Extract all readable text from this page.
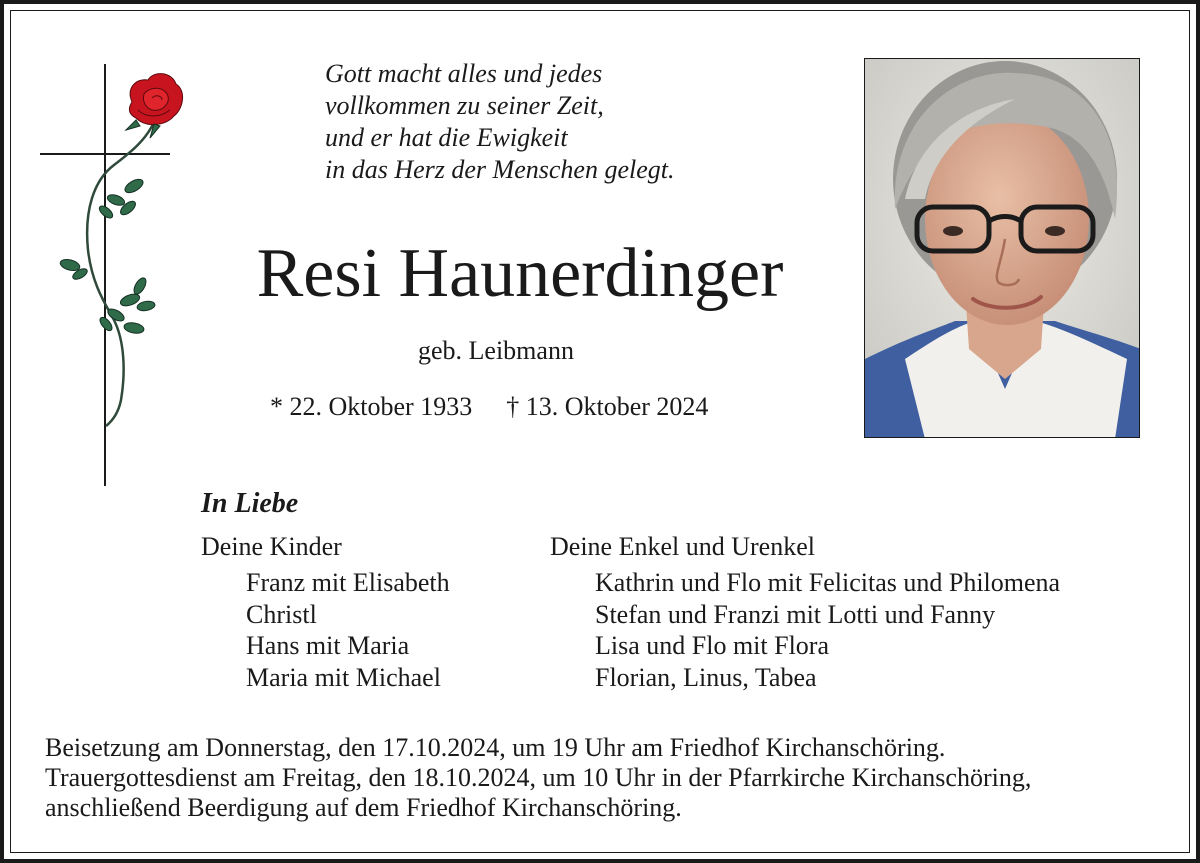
Gott macht alles und jedes
vollkommen zu seiner Zeit,
und er hat die Ewigkeit
in das Herz der Menschen gelegt.
Resi Haunerdinger
geb. Leibmann
* 22. Oktober 1933 † 13. Oktober 2024
In Liebe
Deine Kinder	Deine Enkel und Urenkel
Franz mit Elisabeth
Christl
Hans mit Maria
Maria mit Michael
Kathrin und Flo mit Felicitas und Philomena
Stefan und Franzi mit Lotti und Fanny
Lisa und Flo mit Flora
Florian, Linus, Tabea
Beisetzung am Donnerstag, den 17.10.2024, um 19 Uhr am Friedhof Kirchanschöring.
Trauergottesdienst am Freitag, den 18.10.2024, um 10 Uhr in der Pfarrkirche Kirchanschöring,
anschließend Beerdigung auf dem Friedhof Kirchanschöring.
